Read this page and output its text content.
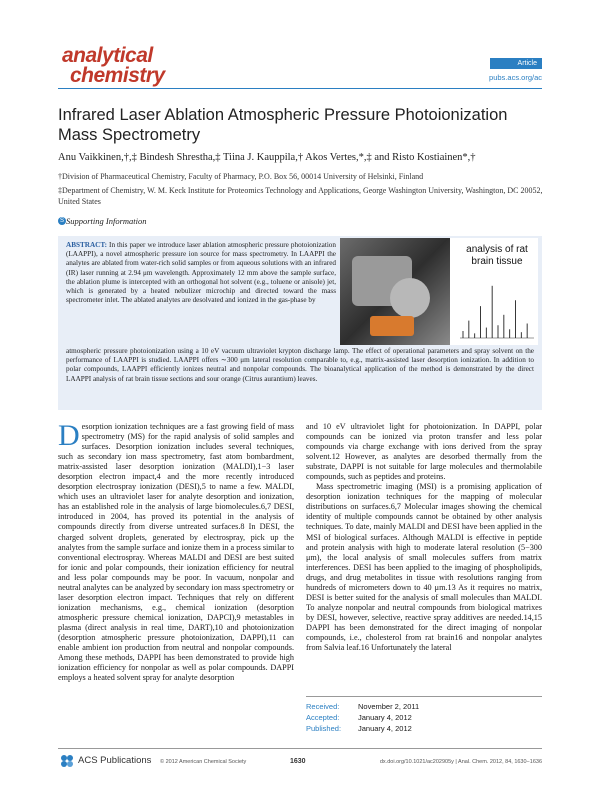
analytical
chemistry
Article
pubs.acs.org/ac
Infrared Laser Ablation Atmospheric Pressure Photoionization Mass Spectrometry
Anu Vaikkinen,†,‡ Bindesh Shrestha,‡ Tiina J. Kauppila,† Akos Vertes,*,‡ and Risto Kostiainen*,†
†Division of Pharmaceutical Chemistry, Faculty of Pharmacy, P.O. Box 56, 00014 University of Helsinki, Finland
‡Department of Chemistry, W. M. Keck Institute for Proteomics Technology and Applications, George Washington University, Washington, DC 20052, United States
S Supporting Information
ABSTRACT: In this paper we introduce laser ablation atmospheric pressure photoionization (LAAPPI), a novel atmospheric pressure ion source for mass spectrometry. In LAAPPI the analytes are ablated from water-rich solid samples or from aqueous solutions with an infrared (IR) laser running at 2.94 μm wavelength. Approximately 12 mm above the sample surface, the ablation plume is intercepted with an orthogonal hot solvent (e.g., toluene or anisole) jet, which is generated by a heated nebulizer microchip and directed toward the mass spectrometer inlet. The ablated analytes are desolvated and ionized in the gas-phase by
analysis of rat brain tissue
atmospheric pressure photoionization using a 10 eV vacuum ultraviolet krypton discharge lamp. The effect of operational parameters and spray solvent on the performance of LAAPPI is studied. LAAPPI offers ∼300 μm lateral resolution comparable to, e.g., matrix-assisted laser desorption ionization. In addition to polar compounds, LAAPPI efficiently ionizes neutral and nonpolar compounds. The bioanalytical application of the method is demonstrated by the direct LAAPPI analysis of rat brain tissue sections and sour orange (Citrus aurantium) leaves.
D esorption ionization techniques are a fast growing field of mass spectrometry (MS) for the rapid analysis of solid samples and surfaces. Desorption ionization includes several techniques, such as secondary ion mass spectrometry, fast atom bombardment, matrix-assisted laser desorption ionization (MALDI),1−3 laser desorption electron impact,4 and the more recently introduced desorption electrospray ionization (DESI),5 to name a few. MALDI, which uses an ultraviolet laser for analyte desorption and ionization, has an established role in the analysis of large biomolecules.6,7 DESI, introduced in 2004, has proved its potential in the analysis of compounds directly from diverse untreated surfaces.8 In DESI, the charged solvent droplets, generated by electrospray, pick up the analytes from the sample surface and ionize them in a process similar to conventional electrospray. Whereas MALDI and DESI are best suited for ionic and polar compounds, their ionization efficiency for neutral and less polar compounds may be poor. In vacuum, nonpolar and neutral analytes can be analyzed by secondary ion mass spectrometry or laser desorption electron impact. Techniques that rely on different ionization mechanisms, e.g., chemical ionization (desorption atmospheric pressure chemical ionization, DAPCI),9 metastables in plasma (direct analysis in real time, DART),10 and photoionization (desorption atmospheric pressure photoionization, DAPPI),11 can enable ambient ion production from neutral and nonpolar compounds. Among these methods, DAPPI has been demonstrated to provide high ionization efficiency for nonpolar as well as polar compounds. DAPPI employs a heated solvent spray for analyte desorption

and 10 eV ultraviolet light for photoionization. In DAPPI, polar compounds can be ionized via proton transfer and less polar compounds via charge exchange with ions derived from the spray solvent.12 However, as analytes are desorbed thermally from the substrate, DAPPI is not suitable for large molecules and thermolabile compounds, such as peptides and proteins.

Mass spectrometric imaging (MSI) is a promising application of desorption ionization techniques for the mapping of molecular distributions on surfaces.6,7 Molecular images showing the chemical identity of multiple compounds cannot be obtained by other analysis techniques. To date, mainly MALDI and DESI have been applied in the MSI of biological surfaces. Although MALDI is effective in peptide and protein analysis with high to moderate lateral resolution (5−300 μm), the local analysis of small molecules suffers from matrix interferences. DESI has been applied to the imaging of phospholipids, drugs, and drug metabolites in tissue with resolutions ranging from hundreds of micrometers down to 40 μm.13 As it requires no matrix, DESI is better suited for the analysis of small molecules than MALDI. To analyze nonpolar and neutral compounds from biological matrixes by DESI, however, selective, reactive spray additives are needed.14,15 DAPPI has been demonstrated for the direct imaging of nonpolar compounds, i.e., cholesterol from rat brain16 and nonpolar analytes from Salvia leaf.16 Unfortunately the lateral

Received: November 2, 2011
Accepted: January 4, 2012
Published: January 4, 2012
ACS Publications © 2012 American Chemical Society	1630	dx.doi.org/10.1021/ac202905y | Anal. Chem. 2012, 84, 1630−1636
